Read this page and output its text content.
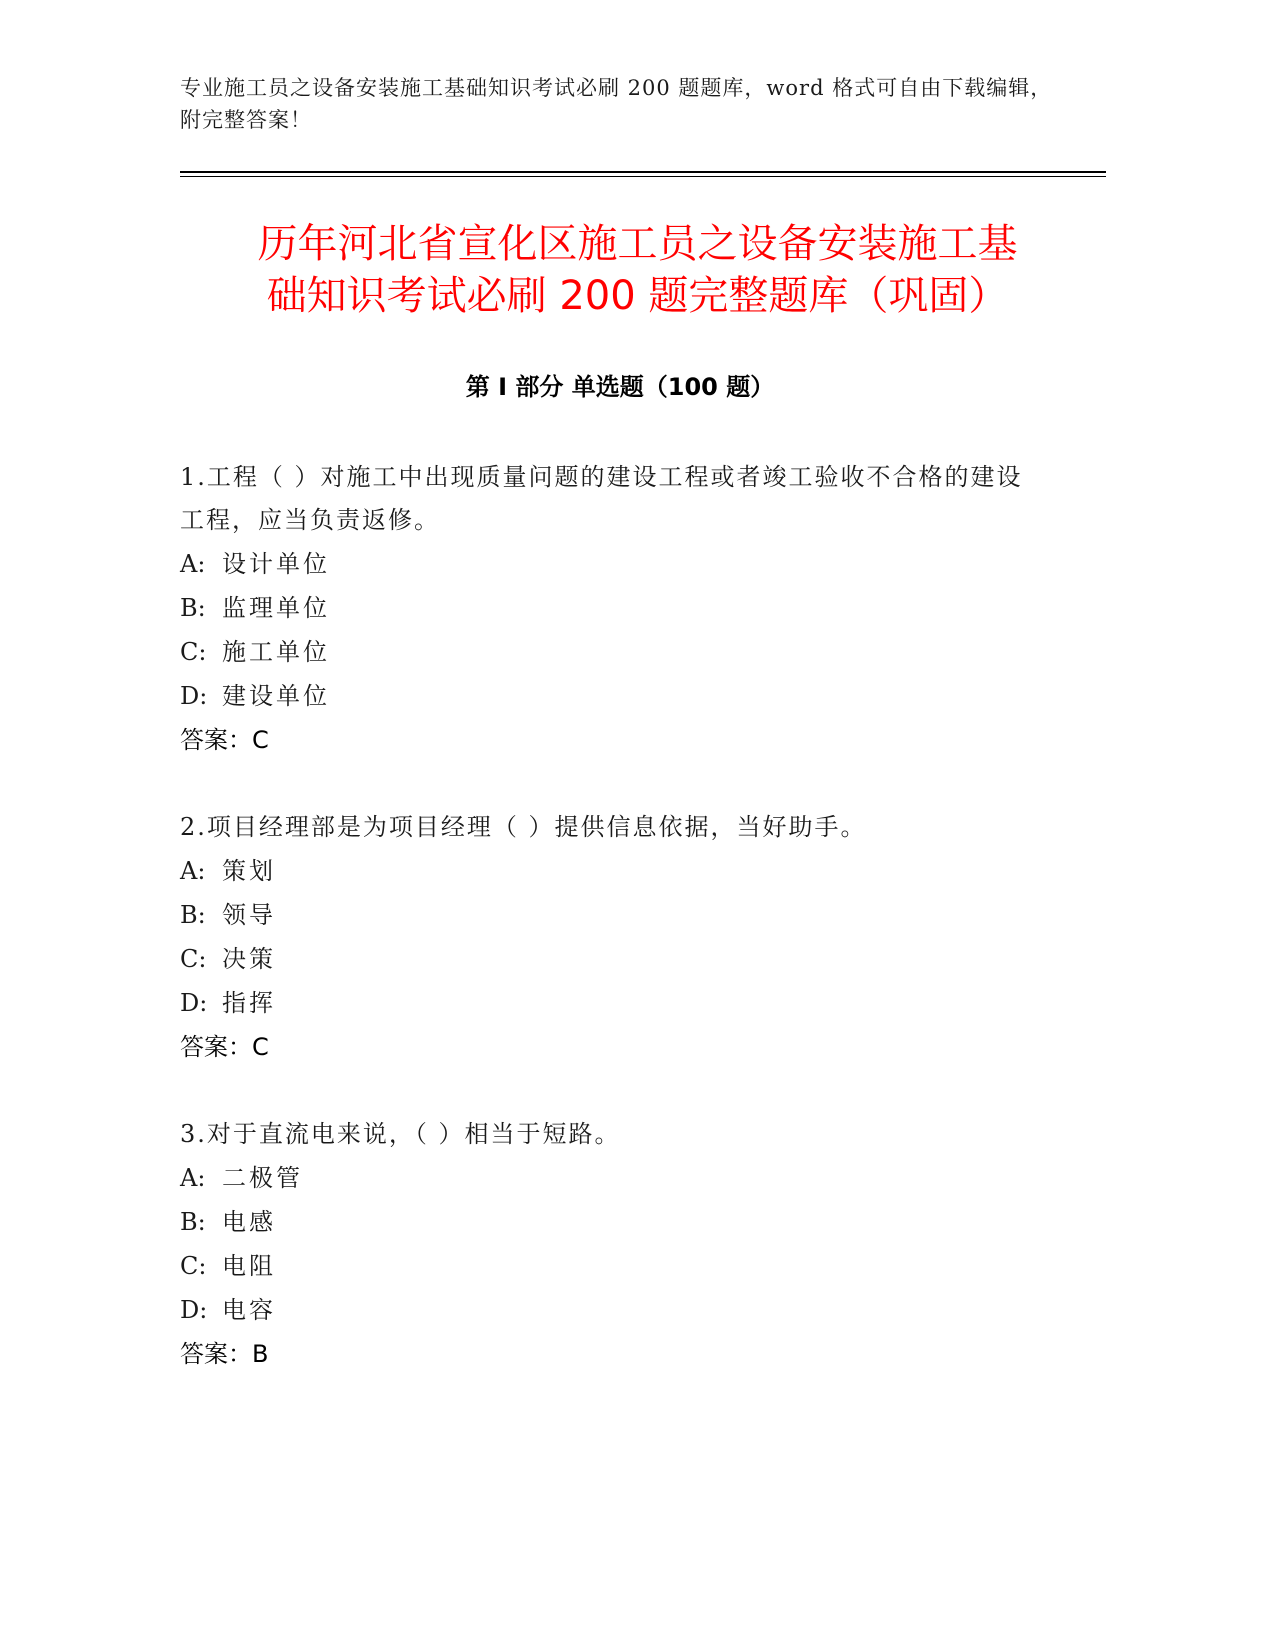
专业施工员之设备安装施工基础知识考试必刷 200 题题库，word 格式可自由下载编辑，附完整答案！
历年河北省宣化区施工员之设备安装施工基
础知识考试必刷 200 题完整题库（巩固）
第 I 部分 单选题（100 题）
1.工程（ ）对施工中出现质量问题的建设工程或者竣工验收不合格的建设工程，应当负责返修。
A: 设计单位
B: 监理单位
C: 施工单位
D: 建设单位
答案：C
2.项目经理部是为项目经理（ ）提供信息依据，当好助手。
A: 策划
B: 领导
C: 决策
D: 指挥
答案：C
3.对于直流电来说，（ ）相当于短路。
A: 二极管
B: 电感
C: 电阻
D: 电容
答案：B
